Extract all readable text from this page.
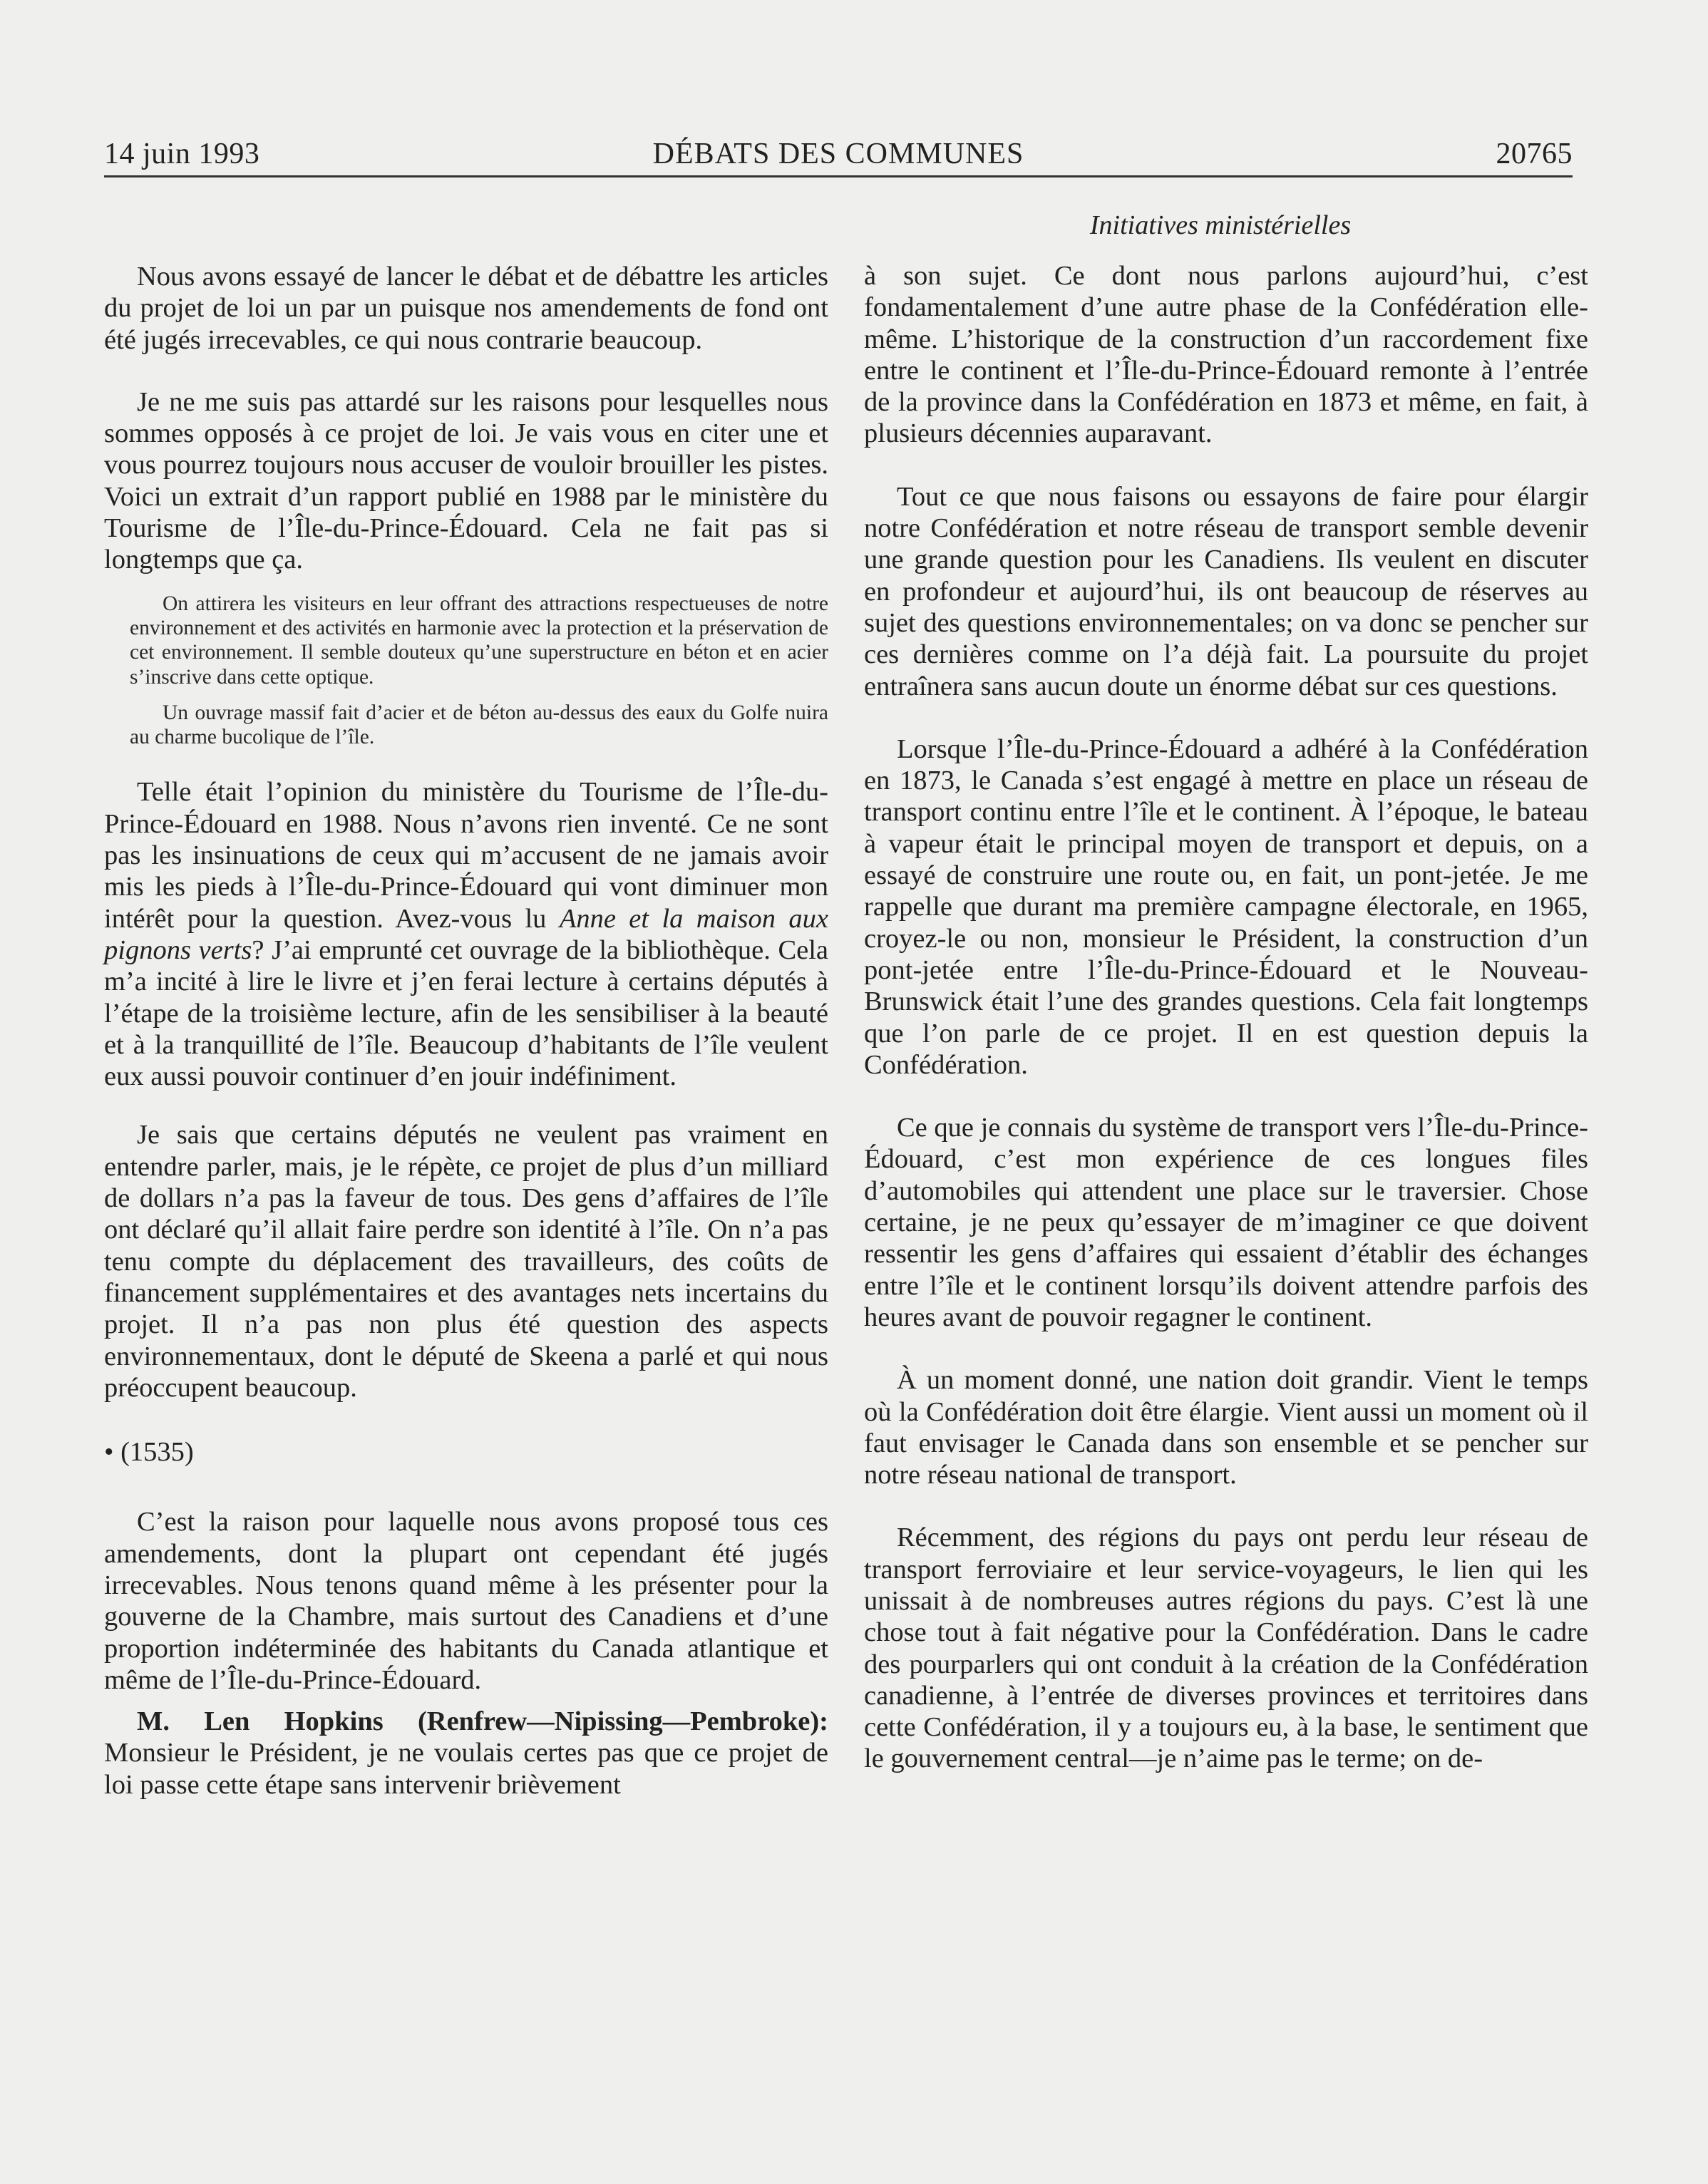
14 juin 1993	DÉBATS DES COMMUNES	20765
Initiatives ministérielles

Nous avons essayé de lancer le débat et de débattre les articles du projet de loi un par un puisque nos amendements de fond ont été jugés irrecevables, ce qui nous contrarie beaucoup.

Je ne me suis pas attardé sur les raisons pour lesquelles nous sommes opposés à ce projet de loi. Je vais vous en citer une et vous pourrez toujours nous accuser de vouloir brouiller les pistes. Voici un extrait d’un rapport publié en 1988 par le ministère du Tourisme de l’Île-du-Prince-Édouard. Cela ne fait pas si longtemps que ça.

On attirera les visiteurs en leur offrant des attractions respectueuses de notre environnement et des activités en harmonie avec la protection et la préservation de cet environnement. Il semble douteux qu’une superstructure en béton et en acier s’inscrive dans cette optique.

Un ouvrage massif fait d’acier et de béton au-dessus des eaux du Golfe nuira au charme bucolique de l’île.

Telle était l’opinion du ministère du Tourisme de l’Île-du-Prince-Édouard en 1988. Nous n’avons rien inventé. Ce ne sont pas les insinuations de ceux qui m’accusent de ne jamais avoir mis les pieds à l’Île-du-Prince-Édouard qui vont diminuer mon intérêt pour la question. Avez-vous lu Anne et la maison aux pignons verts? J’ai emprunté cet ouvrage de la bibliothèque. Cela m’a incité à lire le livre et j’en ferai lecture à certains députés à l’étape de la troisième lecture, afin de les sensibiliser à la beauté et à la tranquillité de l’île. Beaucoup d’habitants de l’île veulent eux aussi pouvoir continuer d’en jouir indéfiniment.

Je sais que certains députés ne veulent pas vraiment en entendre parler, mais, je le répète, ce projet de plus d’un milliard de dollars n’a pas la faveur de tous. Des gens d’affaires de l’île ont déclaré qu’il allait faire perdre son identité à l’île. On n’a pas tenu compte du déplacement des travailleurs, des coûts de financement supplémentaires et des avantages nets incertains du projet. Il n’a pas non plus été question des aspects environnementaux, dont le député de Skeena a parlé et qui nous préoccupent beaucoup.

• (1535)

C’est la raison pour laquelle nous avons proposé tous ces amendements, dont la plupart ont cependant été jugés irrecevables. Nous tenons quand même à les présenter pour la gouverne de la Chambre, mais surtout des Canadiens et d’une proportion indéterminée des habitants du Canada atlantique et même de l’Île-du-Prince-Édouard.

M. Len Hopkins (Renfrew—Nipissing—Pembroke): Monsieur le Président, je ne voulais certes pas que ce projet de loi passe cette étape sans intervenir brièvement

à son sujet. Ce dont nous parlons aujourd’hui, c’est fondamentalement d’une autre phase de la Confédération elle-même. L’historique de la construction d’un raccordement fixe entre le continent et l’Île-du-Prince-Édouard remonte à l’entrée de la province dans la Confédération en 1873 et même, en fait, à plusieurs décennies auparavant.

Tout ce que nous faisons ou essayons de faire pour élargir notre Confédération et notre réseau de transport semble devenir une grande question pour les Canadiens. Ils veulent en discuter en profondeur et aujourd’hui, ils ont beaucoup de réserves au sujet des questions environnementales; on va donc se pencher sur ces dernières comme on l’a déjà fait. La poursuite du projet entraînera sans aucun doute un énorme débat sur ces questions.

Lorsque l’Île-du-Prince-Édouard a adhéré à la Confédération en 1873, le Canada s’est engagé à mettre en place un réseau de transport continu entre l’île et le continent. À l’époque, le bateau à vapeur était le principal moyen de transport et depuis, on a essayé de construire une route ou, en fait, un pont-jetée. Je me rappelle que durant ma première campagne électorale, en 1965, croyez-le ou non, monsieur le Président, la construction d’un pont-jetée entre l’Île-du-Prince-Édouard et le Nouveau-Brunswick était l’une des grandes questions. Cela fait longtemps que l’on parle de ce projet. Il en est question depuis la Confédération.

Ce que je connais du système de transport vers l’Île-du-Prince-Édouard, c’est mon expérience de ces longues files d’automobiles qui attendent une place sur le traversier. Chose certaine, je ne peux qu’essayer de m’imaginer ce que doivent ressentir les gens d’affaires qui essaient d’établir des échanges entre l’île et le continent lorsqu’ils doivent attendre parfois des heures avant de pouvoir regagner le continent.

À un moment donné, une nation doit grandir. Vient le temps où la Confédération doit être élargie. Vient aussi un moment où il faut envisager le Canada dans son ensemble et se pencher sur notre réseau national de transport.

Récemment, des régions du pays ont perdu leur réseau de transport ferroviaire et leur service-voyageurs, le lien qui les unissait à de nombreuses autres régions du pays. C’est là une chose tout à fait négative pour la Confédération. Dans le cadre des pourparlers qui ont conduit à la création de la Confédération canadienne, à l’entrée de diverses provinces et territoires dans cette Confédération, il y a toujours eu, à la base, le sentiment que le gouvernement central—je n’aime pas le terme; on de-
